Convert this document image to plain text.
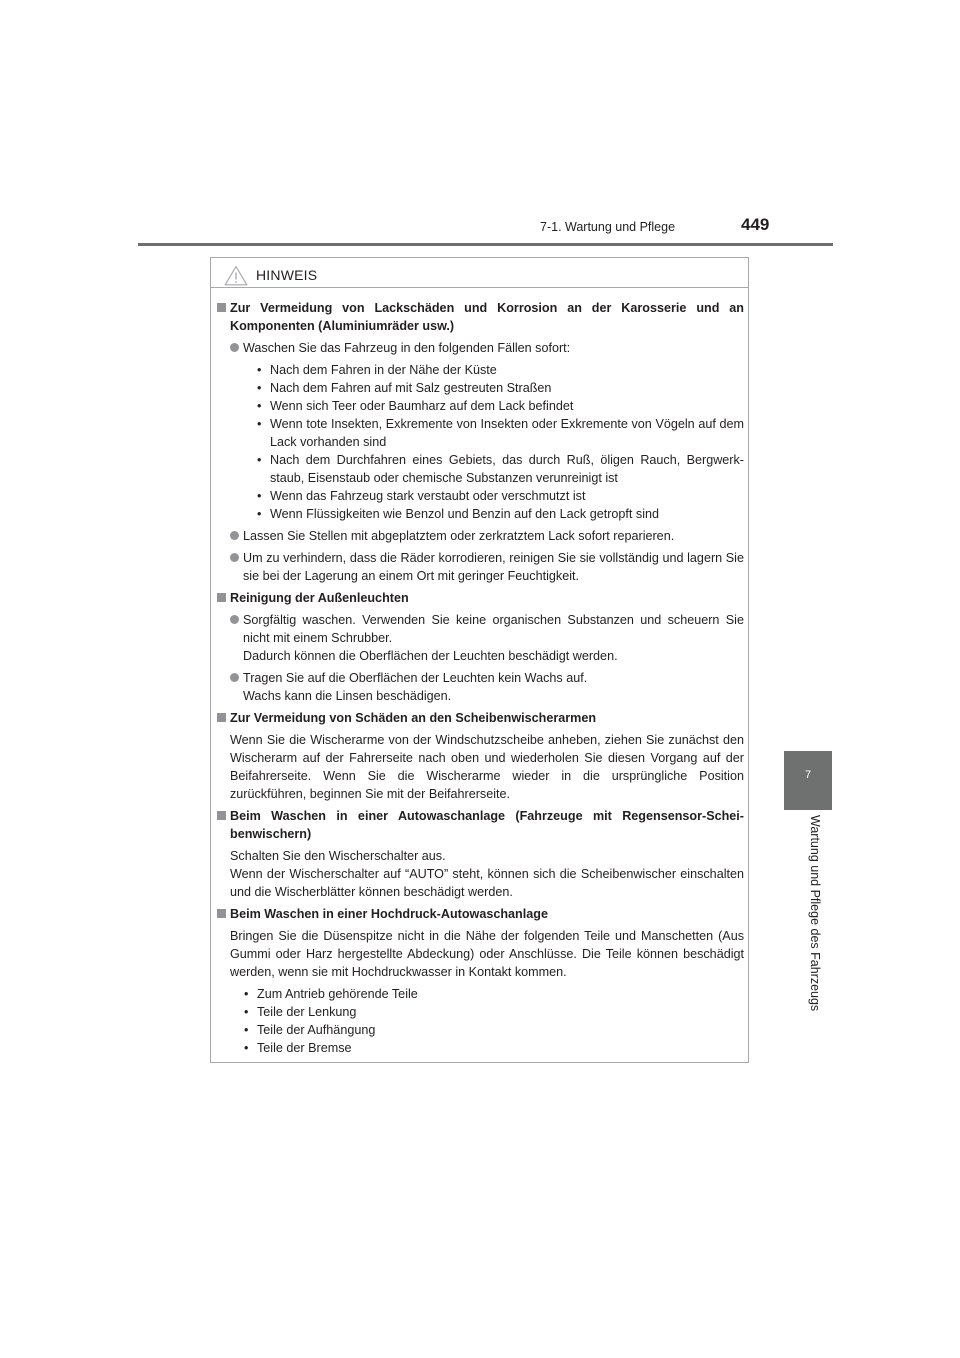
7-1. Wartung und Pflege	449
7
Wartung und Pflege des Fahrzeugs
HINWEIS
Zur Vermeidung von Lackschäden und Korrosion an der Karosserie und an Komponenten (Aluminiumräder usw.)
Waschen Sie das Fahrzeug in den folgenden Fällen sofort:
• Nach dem Fahren in der Nähe der Küste
• Nach dem Fahren auf mit Salz gestreuten Straßen
• Wenn sich Teer oder Baumharz auf dem Lack befindet
• Wenn tote Insekten, Exkremente von Insekten oder Exkremente von Vögeln auf dem Lack vorhanden sind
• Nach dem Durchfahren eines Gebiets, das durch Ruß, öligen Rauch, Bergwerkstaub, Eisenstaub oder chemische Substanzen verunreinigt ist
• Wenn das Fahrzeug stark verstaubt oder verschmutzt ist
• Wenn Flüssigkeiten wie Benzol und Benzin auf den Lack getropft sind
Lassen Sie Stellen mit abgeplatztem oder zerkratztem Lack sofort reparieren.
Um zu verhindern, dass die Räder korrodieren, reinigen Sie sie vollständig und lagern Sie sie bei der Lagerung an einem Ort mit geringer Feuchtigkeit.
Reinigung der Außenleuchten
Sorgfältig waschen. Verwenden Sie keine organischen Substanzen und scheuern Sie nicht mit einem Schrubber.
Dadurch können die Oberflächen der Leuchten beschädigt werden.
Tragen Sie auf die Oberflächen der Leuchten kein Wachs auf.
Wachs kann die Linsen beschädigen.
Zur Vermeidung von Schäden an den Scheibenwischerarmen
Wenn Sie die Wischerarme von der Windschutzscheibe anheben, ziehen Sie zunächst den Wischerarm auf der Fahrerseite nach oben und wiederholen Sie diesen Vorgang auf der Beifahrerseite. Wenn Sie die Wischerarme wieder in die ursprüngliche Position zurückführen, beginnen Sie mit der Beifahrerseite.
Beim Waschen in einer Autowaschanlage (Fahrzeuge mit Regensensor-Scheibenwischern)
Schalten Sie den Wischerschalter aus.
Wenn der Wischerschalter auf “AUTO” steht, können sich die Scheibenwischer einschalten und die Wischerblätter können beschädigt werden.
Beim Waschen in einer Hochdruck-Autowaschanlage
Bringen Sie die Düsenspitze nicht in die Nähe der folgenden Teile und Manschetten (Aus Gummi oder Harz hergestellte Abdeckung) oder Anschlüsse. Die Teile können beschädigt werden, wenn sie mit Hochdruckwasser in Kontakt kommen.
• Zum Antrieb gehörende Teile
• Teile der Lenkung
• Teile der Aufhängung
• Teile der Bremse
